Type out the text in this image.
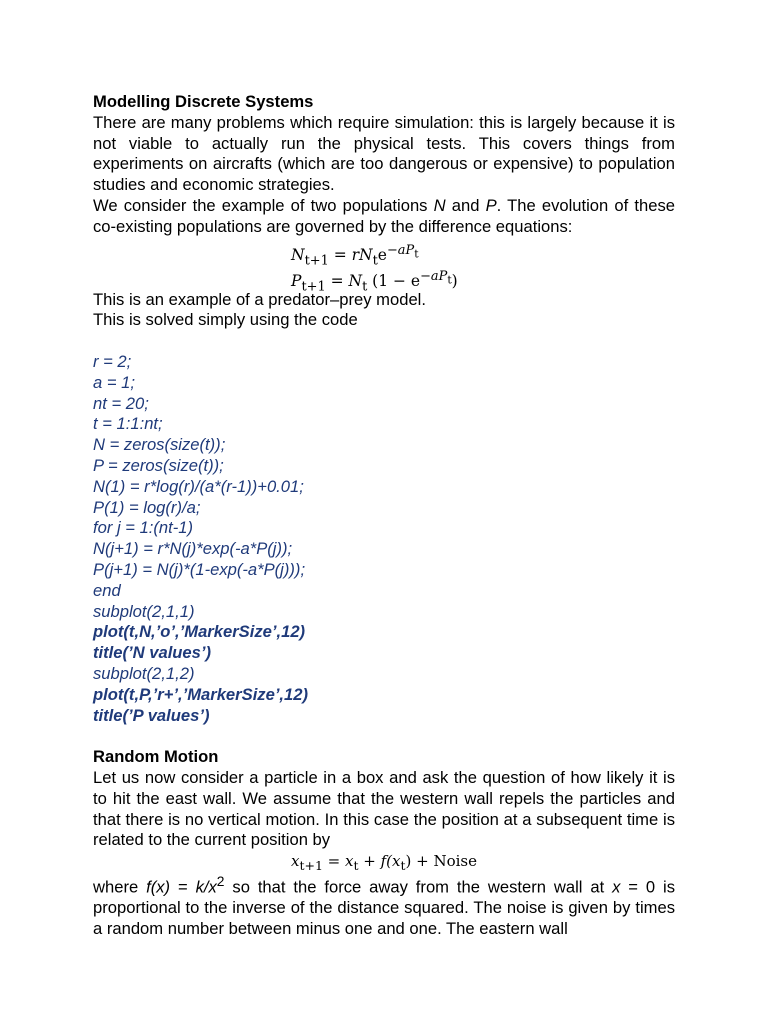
Modelling Discrete Systems

There are many problems which require simulation: this is largely because it is not viable to actually run the physical tests. This covers things from experiments on aircrafts (which are too dangerous or expensive) to population studies and economic strategies.

We consider the example of two populations N and P. The evolution of these co-existing populations are governed by the difference equations:

$N_{t+1} = rN_te^{-aP_t}$
$P_{t+1} = N_t$ $(1 - e^{-aP_t})$

This is an example of a predator–prey model.

This is solved simply using the code

r = 2;
a = 1;
nt = 20;
t = 1:1:nt;
N = zeros(size(t));
P = zeros(size(t));
N(1) = r*log(r)/(a*(r-1))+0.01;
P(1) = log(r)/a;
for j = 1:(nt-1)
N(j+1) = r*N(j)*exp(-a*P(j));
P(j+1) = N(j)*(1-exp(-a*P(j)));
end
subplot(2,1,1)
plot(t,N,’o’,’MarkerSize’,12)
title(’N values’)
subplot(2,1,2)
plot(t,P,’r+’,’MarkerSize’,12)
title(’P values’)

Random Motion

Let us now consider a particle in a box and ask the question of how likely it is to hit the east wall. We assume that the western wall repels the particles and that there is no vertical motion. In this case the position at a subsequent time is related to the current position by

$x_{t+1} = x_t + f(x_t)$ + Noise

where $f(x) = k/x^2$ so that the force away from the western wall at x = 0 is proportional to the inverse of the distance squared. The noise is given by times a random number between minus one and one. The eastern wall
